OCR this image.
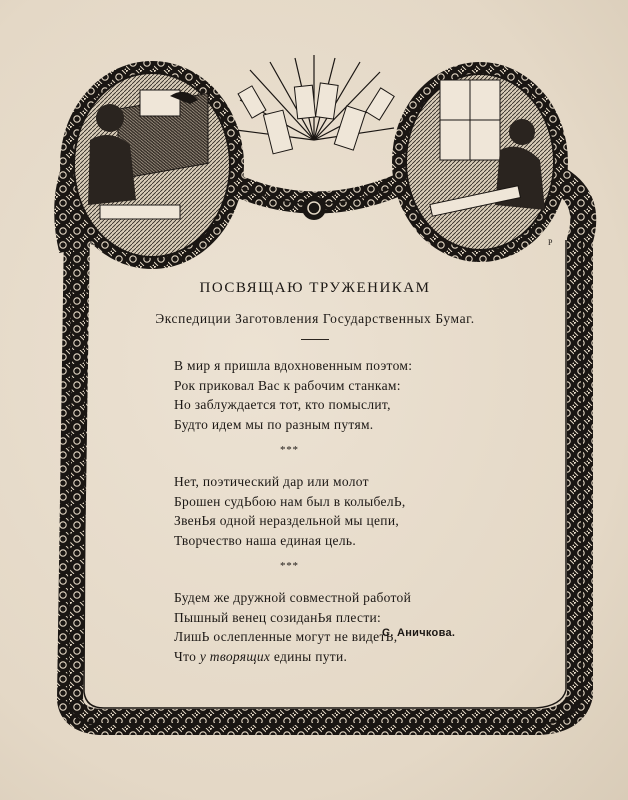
С	Р
ПОСВЯЩАЮ ТРУЖЕНИКАМ

Экспедиции Заготовления Государственных Бумаг.

В мир я пришла вдохновенным поэтом:
Рок приковал Вас к рабочим станкам:
Но заблуждается тот, кто помыслит,
Будто идем мы по разным путям.
* * *
Нет, поэтический дар или молот
Брошен судЬбою нам был в колыбелЬ,
ЗвенЬя одной нераздельной мы цепи,
Творчество наша единая цель.
* * *
Будем же дружной совместной работой
Пышный венец созиданЬя плести:
ЛишЬ ослепленные могут не видетЬ,
Что у творящих едины пути.
С. Аничкова.
